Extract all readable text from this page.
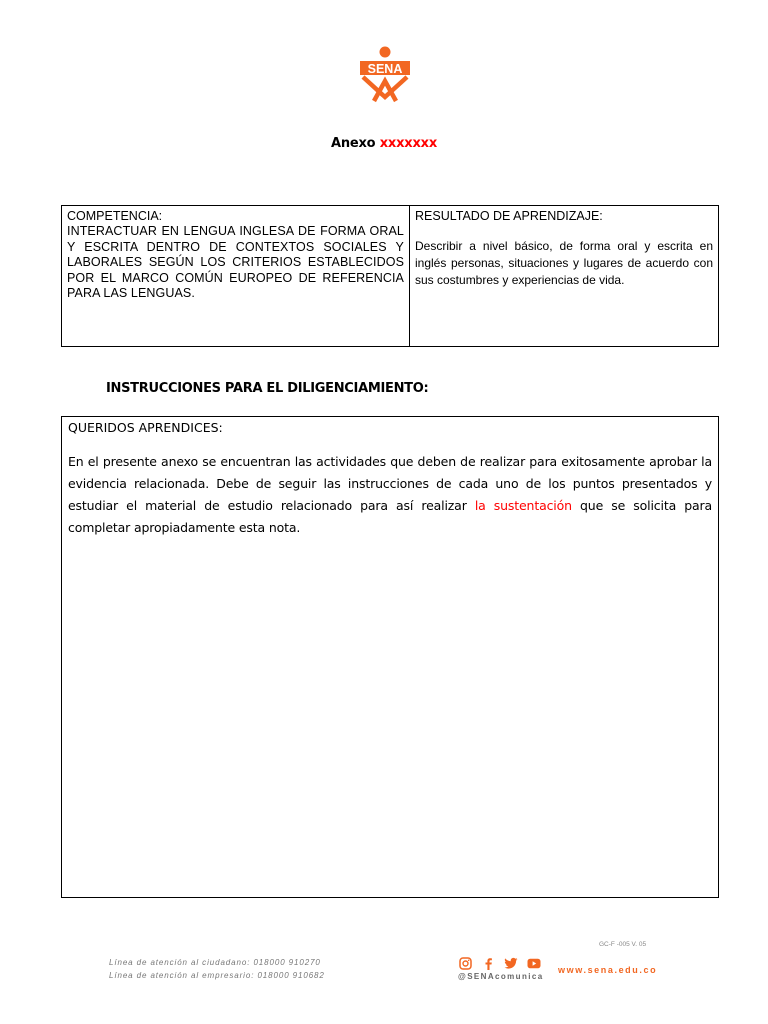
SENA
Anexo xxxxxxx
COMPETENCIA:
INTERACTUAR EN LENGUA INGLESA DE FORMA ORAL Y ESCRITA DENTRO DE CONTEXTOS SOCIALES Y LABORALES SEGÚN LOS CRITERIOS ESTABLECIDOS POR EL MARCO COMÚN EUROPEO DE REFERENCIA PARA LAS LENGUAS.
RESULTADO DE APRENDIZAJE:
Describir a nivel básico, de forma oral y escrita en inglés personas, situaciones y lugares de acuerdo con sus costumbres y experiencias de vida.
INSTRUCCIONES PARA EL DILIGENCIAMIENTO:
QUERIDOS APRENDICES:
En el presente anexo se encuentran las actividades que deben de realizar para exitosamente aprobar la evidencia relacionada. Debe de seguir las instrucciones de cada uno de los puntos presentados y estudiar el material de estudio relacionado para así realizar la sustentación que se solicita para completar apropiadamente esta nota.
GC-F -005 V. 05
Línea de atención al ciudadano: 018000 910270
Línea de atención al empresario: 018000 910682	@SENAcomunica
www.sena.edu.co
